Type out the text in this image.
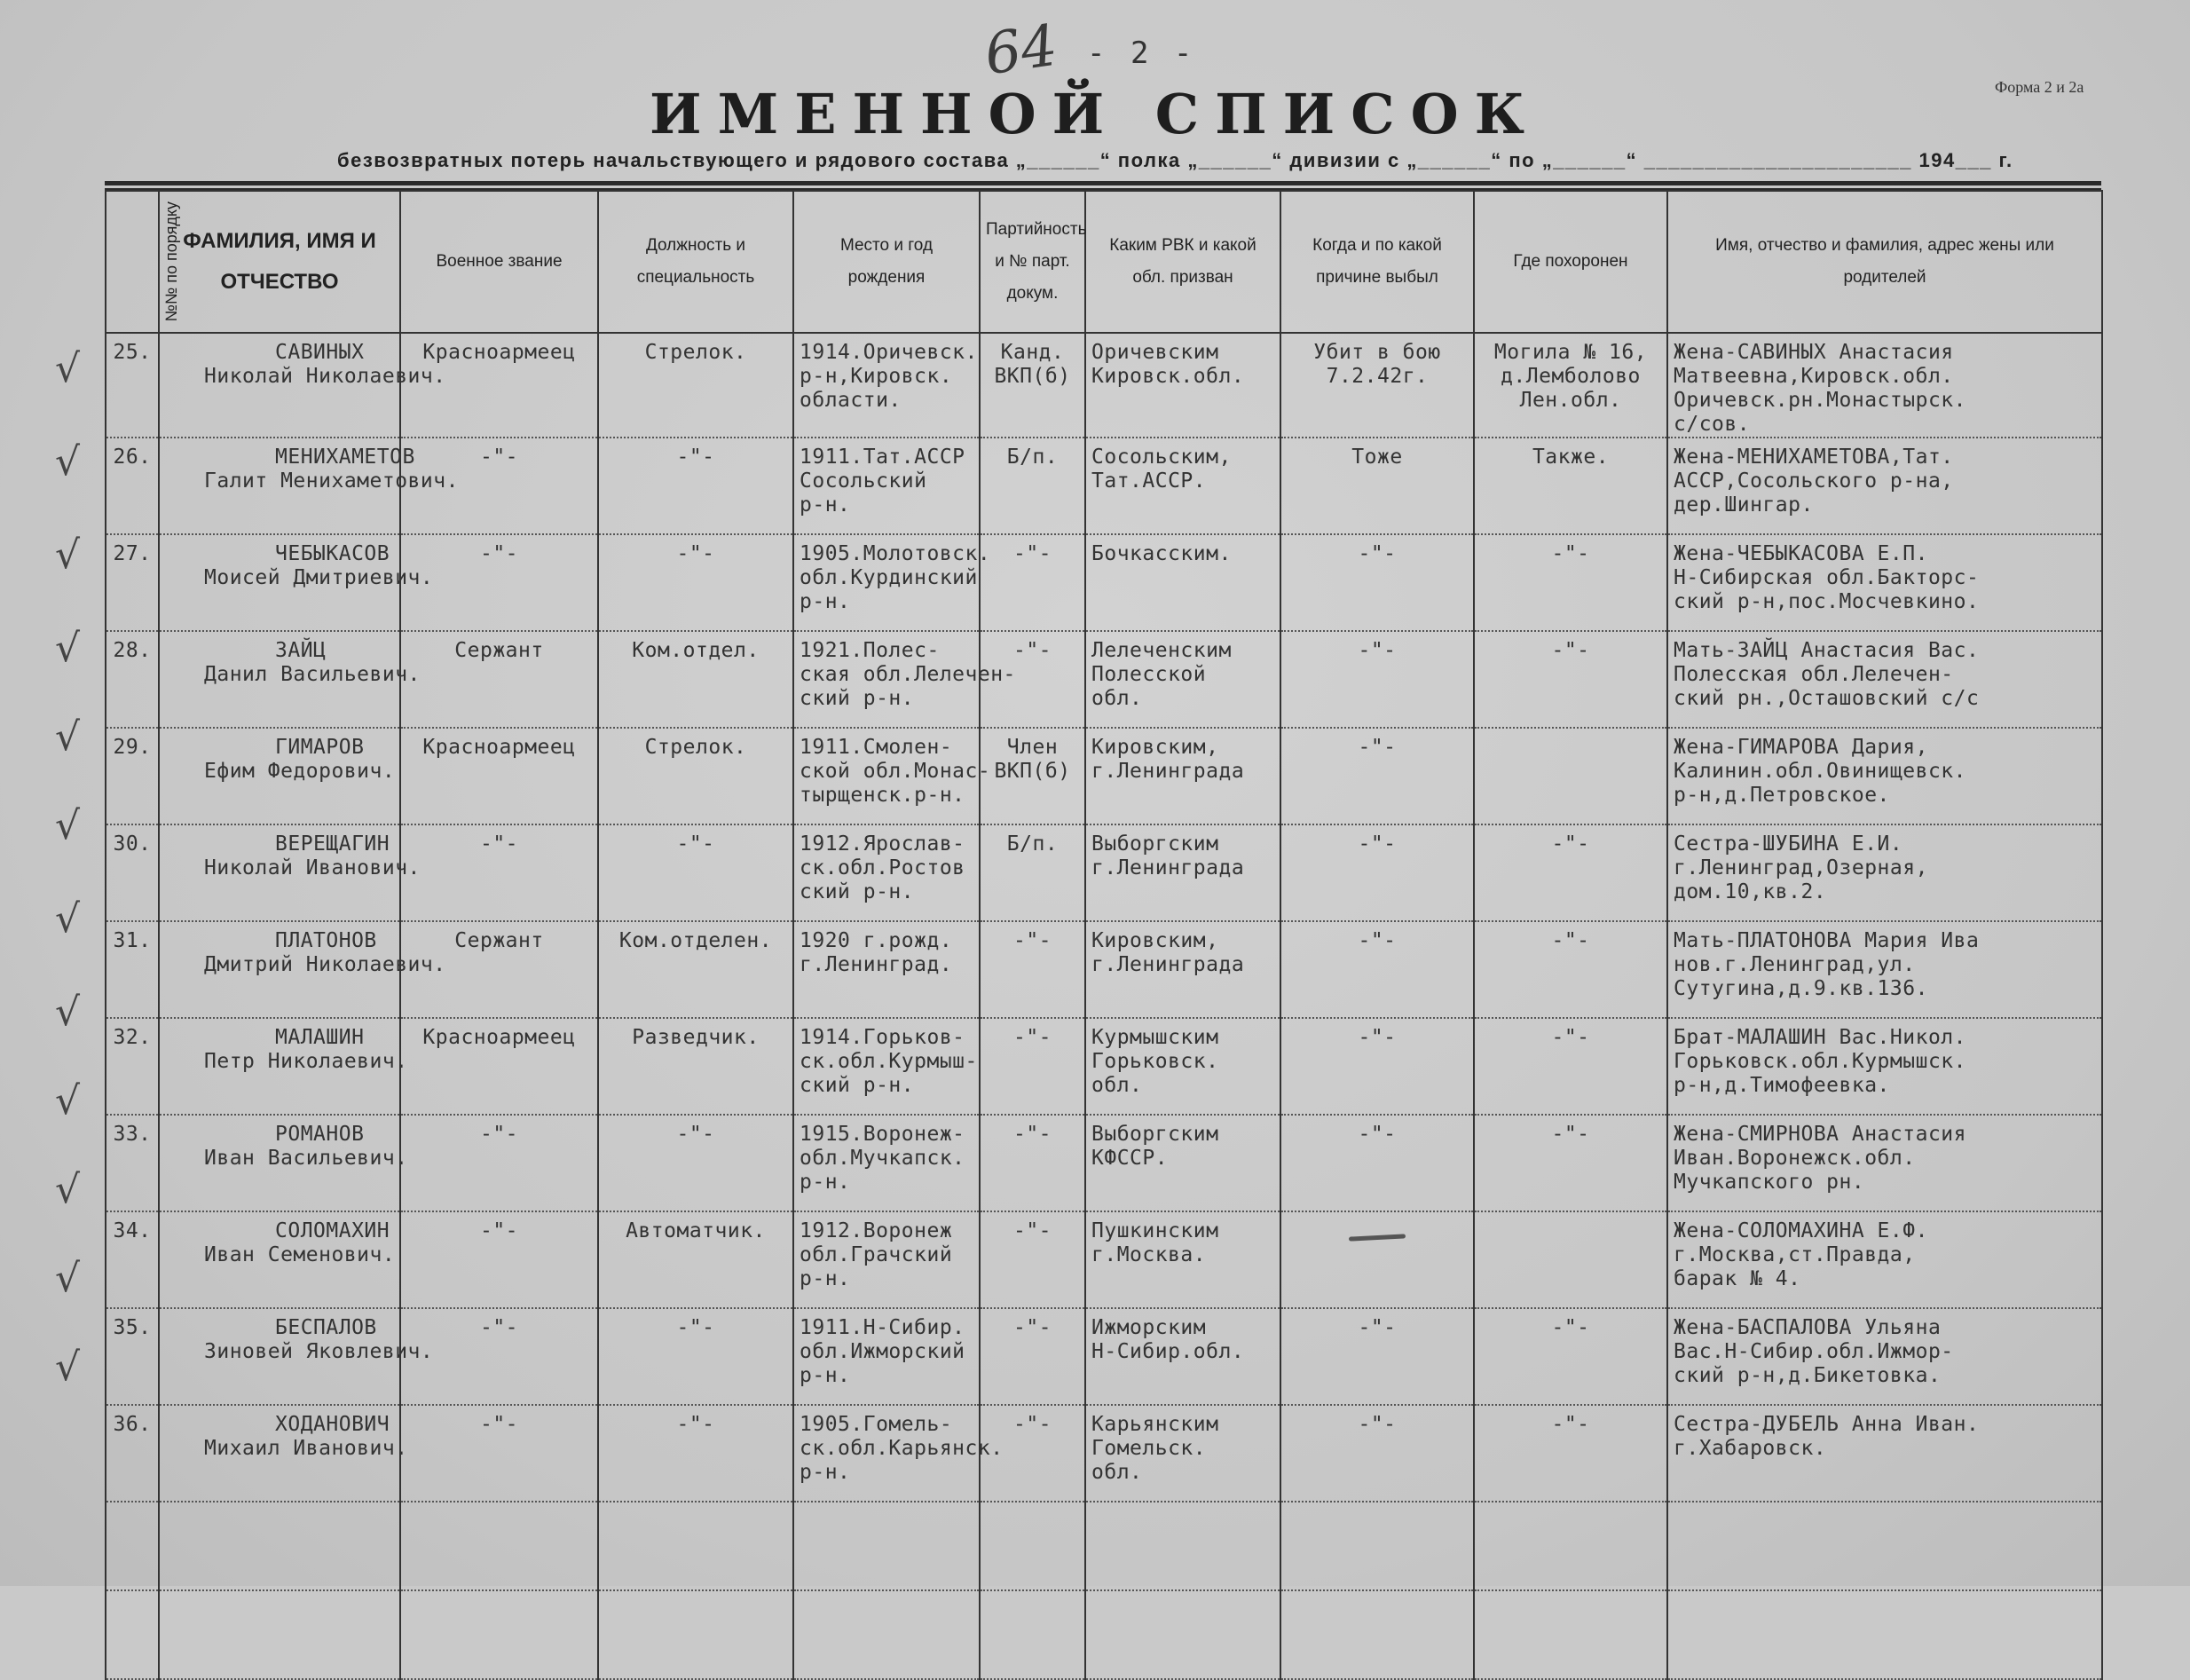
- 2 -
64
ИМЕННОЙ СПИСОК	Форма 2 и 2а
безвозвратных потерь начальствующего и рядового состава „______“ полка „______“ дивизии с „______“ по „______“ ______________________ 194___ г.
№№ по порядку	ФАМИЛИЯ, ИМЯ И ОТЧЕСТВО	Военное звание	Должность и специальность	Место и год рождения	Партийность и № парт. докум.	Каким РВК и какой обл. призван	Когда и по какой причине выбыл	Где похоронен	Имя, отчество и фамилия, адрес жены или родителей
25.	САВИНЫХ
Николай Николаевич.	Красноармеец	Стрелок.	1914.Оричевск.
р-н,Кировск.
области.	Канд.
ВКП(б)	Оричевским
Кировск.обл.	Убит в бою
7.2.42г.	Могила № 16,
д.Лемболово
Лен.обл.	Жена-САВИНЫХ Анастасия
Матвеевна,Кировск.обл.
Оричевск.рн.Монастырск.
с/сов.
26.	МЕНИХАМЕТОВ
Галит Менихаметович.	-"-	-"-	1911.Тат.АССР
Сосольский
р-н.	Б/п.	Сосольским,
Тат.АССР.	Тоже	Также.	Жена-МЕНИХАМЕТОВА,Тат.
АССР,Сосольского р-на,
дер.Шингар.
27.	ЧЕБЫКАСОВ
Моисей Дмитриевич.	-"-	-"-	1905.Молотовск.
обл.Курдинский
р-н.	-"-	Бочкасским.	-"-	-"-	Жена-ЧЕБЫКАСОВА Е.П.
Н-Сибирская обл.Бакторс-
ский р-н,пос.Мосчевкино.
28.	ЗАЙЦ
Данил Васильевич.	Сержант	Ком.отдел.	1921.Полес-
ская обл.Лелечен-
ский р-н.	-"-	Лелеченским
Полесской
обл.	-"-	-"-	Мать-ЗАЙЦ Анастасия Вас.
Полесская обл.Лелечен-
ский рн.,Осташовский с/с
29.	ГИМАРОВ
Ефим Федорович.	Красноармеец	Стрелок.	1911.Смолен-
ской обл.Монас-
тырщенск.р-н.	Член
ВКП(б)	Кировским,
г.Ленинграда	-"-		Жена-ГИМАРОВА Дария,
Калинин.обл.Овинищевск.
р-н,д.Петровское.
30.	ВЕРЕЩАГИН
Николай Иванович.	-"-	-"-	1912.Ярослав-
ск.обл.Ростов
ский р-н.	Б/п.	Выборгским
г.Ленинграда	-"-	-"-	Сестра-ШУБИНА Е.И.
г.Ленинград,Озерная,
дом.10,кв.2.
31.	ПЛАТОНОВ
Дмитрий Николаевич.	Сержант	Ком.отделен.	1920 г.рожд.
г.Ленинград.	-"-	Кировским,
г.Ленинграда	-"-	-"-	Мать-ПЛАТОНОВА Мария Ива
нов.г.Ленинград,ул.
Сутугина,д.9.кв.136.
32.	МАЛАШИН
Петр Николаевич.	Красноармеец	Разведчик.	1914.Горьков-
ск.обл.Курмыш-
ский р-н.	-"-	Курмышским
Горьковск.
обл.	-"-	-"-	Брат-МАЛАШИН Вас.Никол.
Горьковск.обл.Курмышск.
р-н,д.Тимофеевка.
33.	РОМАНОВ
Иван Васильевич.	-"-	-"-	1915.Воронеж-
обл.Мучкапск.
р-н.	-"-	Выборгским
КФССР.	-"-	-"-	Жена-СМИРНОВА Анастасия
Иван.Воронежск.обл.
Мучкапского рн.
34.	СОЛОМАХИН
Иван Семенович.	-"-	Автоматчик.	1912.Воронеж
обл.Грачский
р-н.	-"-	Пушкинским
г.Москва.			Жена-СОЛОМАХИНА Е.Ф.
г.Москва,ст.Правда,
барак № 4.
35.	БЕСПАЛОВ
Зиновей Яковлевич.	-"-	-"-	1911.Н-Сибир.
обл.Ижморский
р-н.	-"-	Ижморским
Н-Сибир.обл.	-"-	-"-	Жена-БАСПАЛОВА Ульяна
Вас.Н-Сибир.обл.Ижмор-
ский р-н,д.Бикетовка.
36.	ХОДАНОВИЧ
Михаил Иванович.	-"-	-"-	1905.Гомель-
ск.обл.Карьянск.
р-н.	-"-	Карьянским
Гомельск.
обл.	-"-	-"-	Сестра-ДУБЕЛЬ Анна Иван.
г.Хабаровск.

√
√
√
√
√
√
√
√
√
√
√
√
